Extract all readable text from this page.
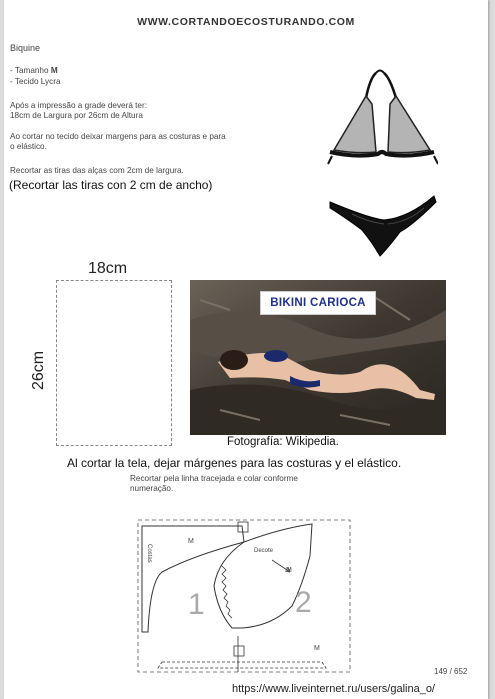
WWW.CORTANDOECOSTURANDO.COM

Biquine

- Tamanho M

- Tecido Lycra

Após a impressão a grade deverá ter:

18cm de Largura por 26cm de Altura

Ao cortar no tecido deixar margens para as costuras e para

o elástico.

Recortar as tiras das alças com 2cm de largura.

(Recortar las tiras con 2 cm de ancho)

18cm

26cm

BIKINI CARIOCA

Fotografía: Wikipedia.

Al cortar la tela, dejar márgenes para las costuras y el elástico.

Recortar pela linha tracejada e colar conforme

numeração.

1	2

M

Decote

M

M

Costas

149 / 652

https://www.liveinternet.ru/users/galina_o/
